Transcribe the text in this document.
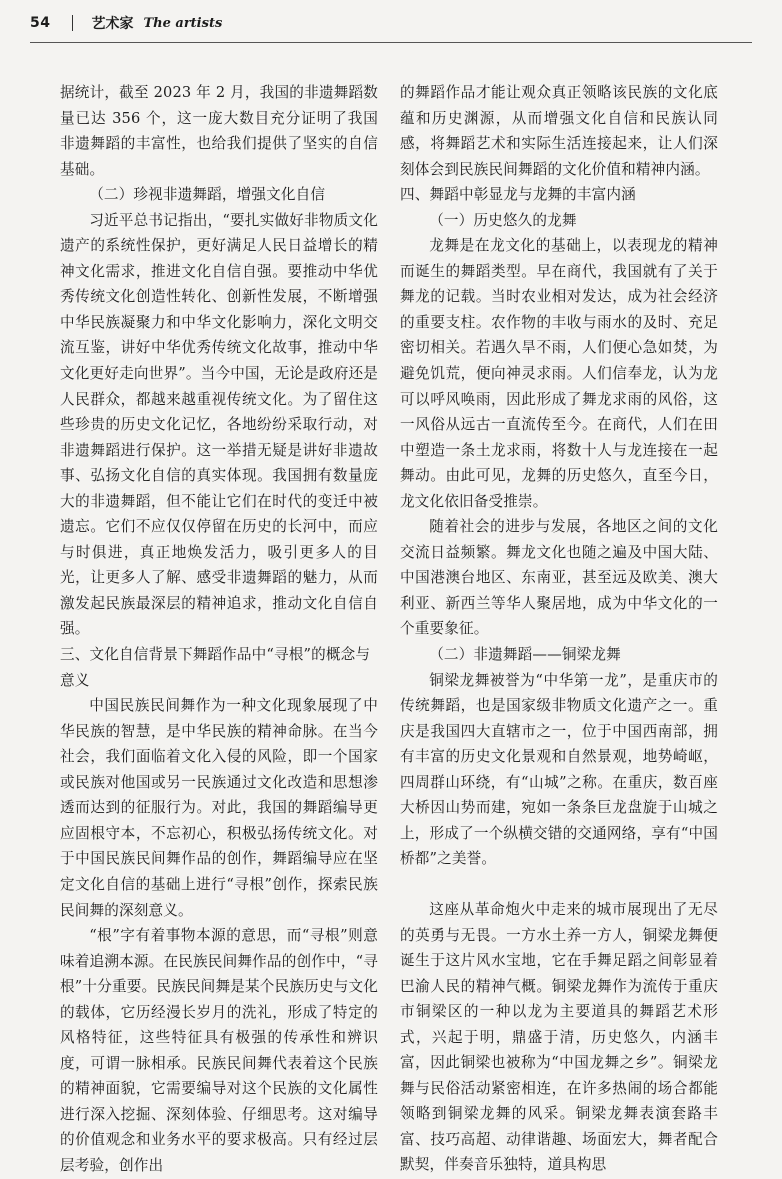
54	艺术家 The artists

据统计，截至 2023 年 2 月，我国的非遗舞蹈数量已达 356 个，这一庞大数目充分证明了我国非遗舞蹈的丰富性，也给我们提供了坚实的自信基础。

（二）珍视非遗舞蹈，增强文化自信

习近平总书记指出，“要扎实做好非物质文化遗产的系统性保护，更好满足人民日益增长的精神文化需求，推进文化自信自强。要推动中华优秀传统文化创造性转化、创新性发展，不断增强中华民族凝聚力和中华文化影响力，深化文明交流互鉴，讲好中华优秀传统文化故事，推动中华文化更好走向世界”。当今中国，无论是政府还是人民群众，都越来越重视传统文化。为了留住这些珍贵的历史文化记忆，各地纷纷采取行动，对非遗舞蹈进行保护。这一举措无疑是讲好非遗故事、弘扬文化自信的真实体现。我国拥有数量庞大的非遗舞蹈，但不能让它们在时代的变迁中被遗忘。它们不应仅仅停留在历史的长河中，而应与时俱进，真正地焕发活力，吸引更多人的目光，让更多人了解、感受非遗舞蹈的魅力，从而激发起民族最深层的精神追求，推动文化自信自强。

三、文化自信背景下舞蹈作品中“寻根”的概念与意义

中国民族民间舞作为一种文化现象展现了中华民族的智慧，是中华民族的精神命脉。在当今社会，我们面临着文化入侵的风险，即一个国家或民族对他国或另一民族通过文化改造和思想渗透而达到的征服行为。对此，我国的舞蹈编导更应固根守本，不忘初心，积极弘扬传统文化。对于中国民族民间舞作品的创作，舞蹈编导应在坚定文化自信的基础上进行“寻根”创作，探索民族民间舞的深刻意义。

“根”字有着事物本源的意思，而“寻根”则意味着追溯本源。在民族民间舞作品的创作中，“寻根”十分重要。民族民间舞是某个民族历史与文化的载体，它历经漫长岁月的洗礼，形成了特定的风格特征，这些特征具有极强的传承性和辨识度，可谓一脉相承。民族民间舞代表着这个民族的精神面貌，它需要编导对这个民族的文化属性进行深入挖掘、深刻体验、仔细思考。这对编导的价值观念和业务水平的要求极高。只有经过层层考验，创作出

的舞蹈作品才能让观众真正领略该民族的文化底蕴和历史渊源，从而增强文化自信和民族认同感，将舞蹈艺术和实际生活连接起来，让人们深刻体会到民族民间舞蹈的文化价值和精神内涵。

四、舞蹈中彰显龙与龙舞的丰富内涵

（一）历史悠久的龙舞

龙舞是在龙文化的基础上，以表现龙的精神而诞生的舞蹈类型。早在商代，我国就有了关于舞龙的记载。当时农业相对发达，成为社会经济的重要支柱。农作物的丰收与雨水的及时、充足密切相关。若遇久旱不雨，人们便心急如焚，为避免饥荒，便向神灵求雨。人们信奉龙，认为龙可以呼风唤雨，因此形成了舞龙求雨的风俗，这一风俗从远古一直流传至今。在商代，人们在田中塑造一条土龙求雨，将数十人与龙连接在一起舞动。由此可见，龙舞的历史悠久，直至今日，龙文化依旧备受推崇。

随着社会的进步与发展，各地区之间的文化交流日益频繁。舞龙文化也随之遍及中国大陆、中国港澳台地区、东南亚，甚至远及欧美、澳大利亚、新西兰等华人聚居地，成为中华文化的一个重要象征。

（二）非遗舞蹈——铜梁龙舞

铜梁龙舞被誉为“中华第一龙”，是重庆市的传统舞蹈，也是国家级非物质文化遗产之一。重庆是我国四大直辖市之一，位于中国西南部，拥有丰富的历史文化景观和自然景观，地势崎岖，四周群山环绕，有“山城”之称。在重庆，数百座大桥因山势而建，宛如一条条巨龙盘旋于山城之上，形成了一个纵横交错的交通网络，享有“中国桥都”之美誉。

这座从革命炮火中走来的城市展现出了无尽的英勇与无畏。一方水土养一方人，铜梁龙舞便诞生于这片风水宝地，它在手舞足蹈之间彰显着巴渝人民的精神气概。铜梁龙舞作为流传于重庆市铜梁区的一种以龙为主要道具的舞蹈艺术形式，兴起于明，鼎盛于清，历史悠久，内涵丰富，因此铜梁也被称为“中国龙舞之乡”。铜梁龙舞与民俗活动紧密相连，在许多热闹的场合都能领略到铜梁龙舞的风采。铜梁龙舞表演套路丰富、技巧高超、动律谐趣、场面宏大，舞者配合默契，伴奏音乐独特，道具构思
